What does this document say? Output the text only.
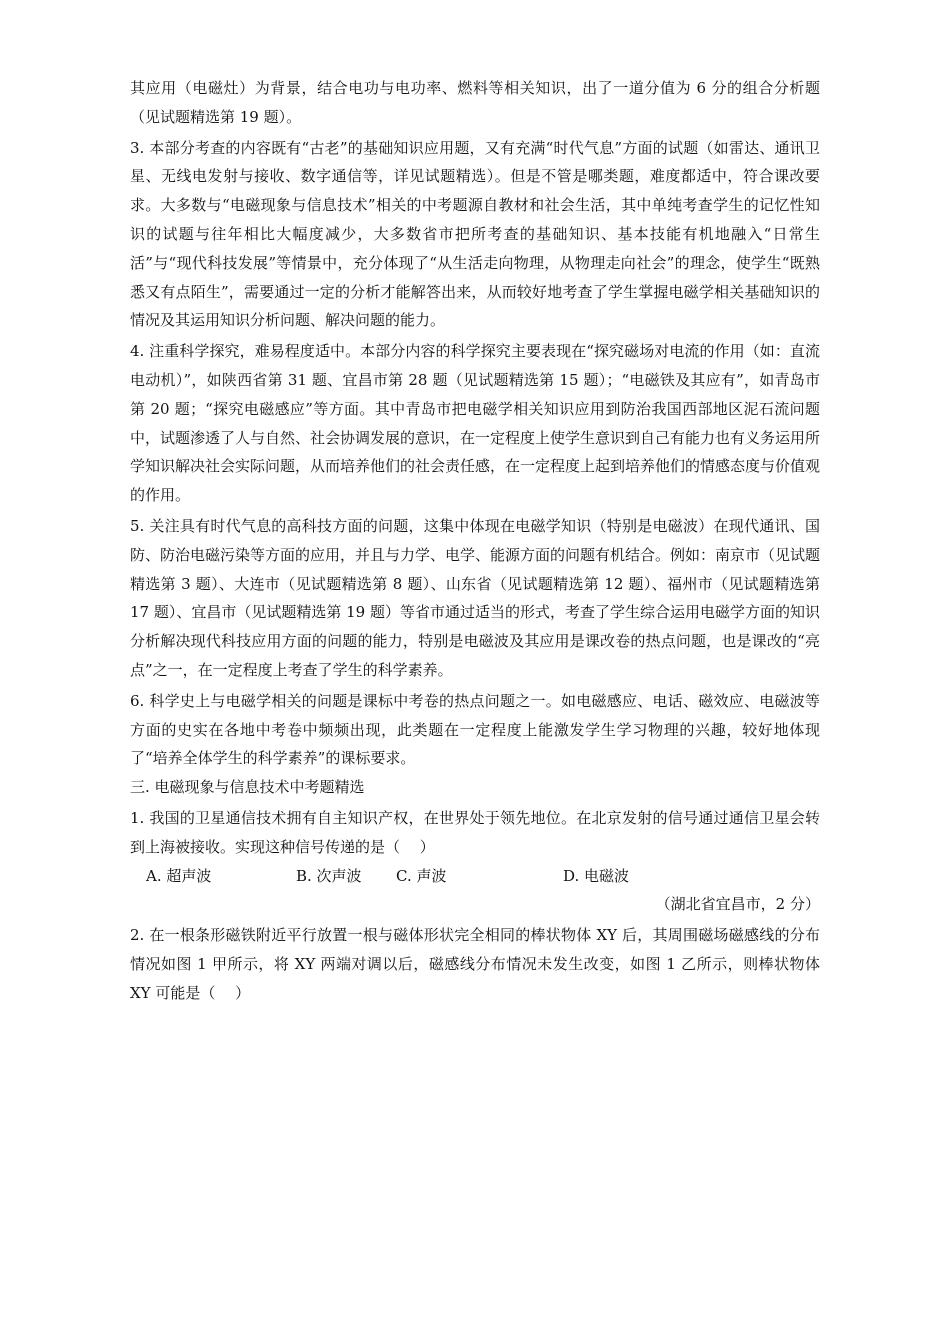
其应用（电磁灶）为背景，结合电功与电功率、燃料等相关知识，出了一道分值为 6 分的组合分析题（见试题精选第 19 题）。

3. 本部分考查的内容既有“古老”的基础知识应用题，又有充满“时代气息”方面的试题（如雷达、通讯卫星、无线电发射与接收、数字通信等，详见试题精选）。但是不管是哪类题，难度都适中，符合课改要求。大多数与“电磁现象与信息技术”相关的中考题源自教材和社会生活，其中单纯考查学生的记忆性知识的试题与往年相比大幅度减少，大多数省市把所考查的基础知识、基本技能有机地融入“日常生活”与“现代科技发展”等情景中，充分体现了“从生活走向物理，从物理走向社会”的理念，使学生“既熟悉又有点陌生”，需要通过一定的分析才能解答出来，从而较好地考查了学生掌握电磁学相关基础知识的情况及其运用知识分析问题、解决问题的能力。

4. 注重科学探究，难易程度适中。本部分内容的科学探究主要表现在“探究磁场对电流的作用（如：直流电动机）”，如陕西省第 31 题、宜昌市第 28 题（见试题精选第 15 题）；“电磁铁及其应有”，如青岛市第 20 题；“探究电磁感应”等方面。其中青岛市把电磁学相关知识应用到防治我国西部地区泥石流问题中，试题渗透了人与自然、社会协调发展的意识，在一定程度上使学生意识到自己有能力也有义务运用所学知识解决社会实际问题，从而培养他们的社会责任感，在一定程度上起到培养他们的情感态度与价值观的作用。

5. 关注具有时代气息的高科技方面的问题，这集中体现在电磁学知识（特别是电磁波）在现代通讯、国防、防治电磁污染等方面的应用，并且与力学、电学、能源方面的问题有机结合。例如：南京市（见试题精选第 3 题）、大连市（见试题精选第 8 题）、山东省（见试题精选第 12 题）、福州市（见试题精选第 17 题）、宜昌市（见试题精选第 19 题）等省市通过适当的形式，考查了学生综合运用电磁学方面的知识分析解决现代科技应用方面的问题的能力，特别是电磁波及其应用是课改卷的热点问题，也是课改的“亮点”之一，在一定程度上考查了学生的科学素养。

6. 科学史上与电磁学相关的问题是课标中考卷的热点问题之一。如电磁感应、电话、磁效应、电磁波等方面的史实在各地中考卷中频频出现，此类题在一定程度上能激发学生学习物理的兴趣，较好地体现了“培养全体学生的科学素养”的课标要求。

三. 电磁现象与信息技术中考题精选

1. 我国的卫星通信技术拥有自主知识产权，在世界处于领先地位。在北京发射的信号通过通信卫星会转到上海被接收。实现这种信号传递的是（　 ）

A. 超声波	B. 次声波	C. 声波	D. 电磁波

（湖北省宜昌市，2 分）

2. 在一根条形磁铁附近平行放置一根与磁体形状完全相同的棒状物体 XY 后，其周围磁场磁感线的分布情况如图 1 甲所示，将 XY 两端对调以后，磁感线分布情况未发生改变，如图 1 乙所示，则棒状物体 XY 可能是（　 ）
